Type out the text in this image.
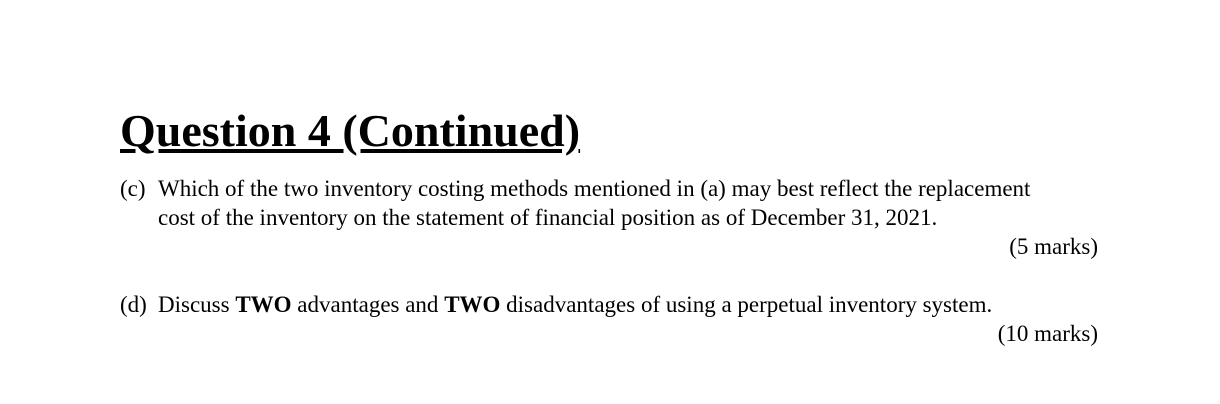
Question 4 (Continued)
(c) Which of the two inventory costing methods mentioned in (a) may best reflect the replacement
cost of the inventory on the statement of financial position as of December 31, 2021.
(5 marks)
(d) Discuss TWO advantages and TWO disadvantages of using a perpetual inventory system.
(10 marks)
